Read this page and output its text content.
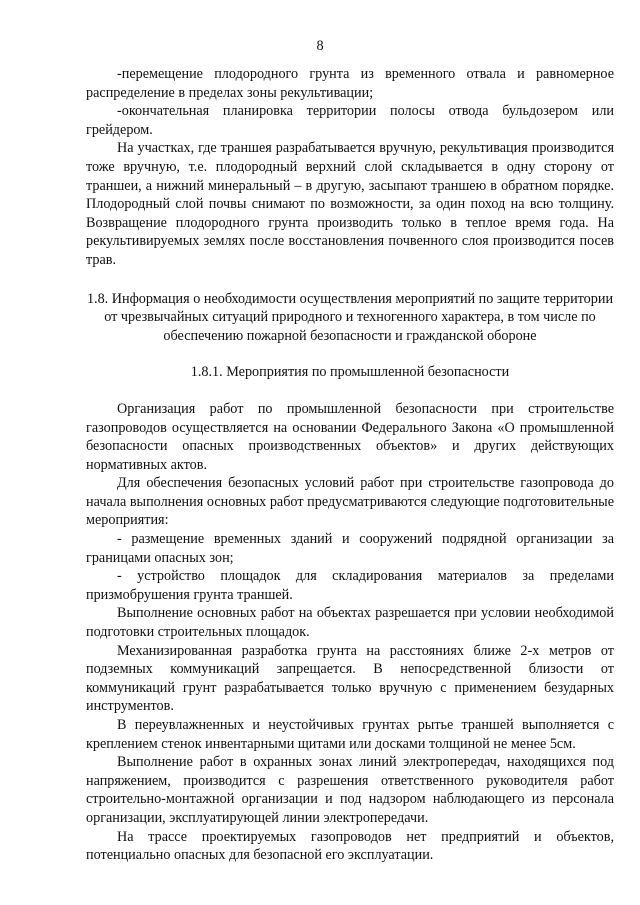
8

-перемещение плодородного грунта из временного отвала и равномерное распределение в пределах зоны рекультивации;

-окончательная планировка территории полосы отвода бульдозером или грейдером.

На участках, где траншея разрабатывается вручную, рекультивация производится тоже вручную, т.е. плодородный верхний слой складывается в одну сторону от траншеи, а нижний минеральный – в другую, засыпают траншею в обратном порядке. Плодородный слой почвы снимают по возможности, за один поход на всю толщину. Возвращение плодородного грунта производить только в теплое время года. На рекультивируемых землях после восстановления почвенного слоя производится посев трав.

1.8. Информация о необходимости осуществления мероприятий по защите территории от чрезвычайных ситуаций природного и техногенного характера, в том числе по обеспечению пожарной безопасности и гражданской обороне

1.8.1. Мероприятия по промышленной безопасности

Организация работ по промышленной безопасности при строительстве газопроводов осуществляется на основании Федерального Закона «О промышленной безопасности опасных производственных объектов» и других действующих нормативных актов.

Для обеспечения безопасных условий работ при строительстве газопровода до начала выполнения основных работ предусматриваются следующие подготовительные мероприятия:

- размещение временных зданий и сооружений подрядной организации за границами опасных зон;

- устройство площадок для складирования материалов за пределами призмобрушения грунта траншей.

Выполнение основных работ на объектах разрешается при условии необходимой подготовки строительных площадок.

Механизированная разработка грунта на расстояниях ближе 2-х метров от подземных коммуникаций запрещается. В непосредственной близости от коммуникаций грунт разрабатывается только вручную с применением безударных инструментов.

В переувлажненных и неустойчивых грунтах рытье траншей выполняется с креплением стенок инвентарными щитами или досками толщиной не менее 5см.

Выполнение работ в охранных зонах линий электропередач, находящихся под напряжением, производится с разрешения ответственного руководителя работ строительно-монтажной организации и под надзором наблюдающего из персонала организации, эксплуатирующей линии электропередачи.

На трассе проектируемых газопроводов нет предприятий и объектов, потенциально опасных для безопасной его эксплуатации.
